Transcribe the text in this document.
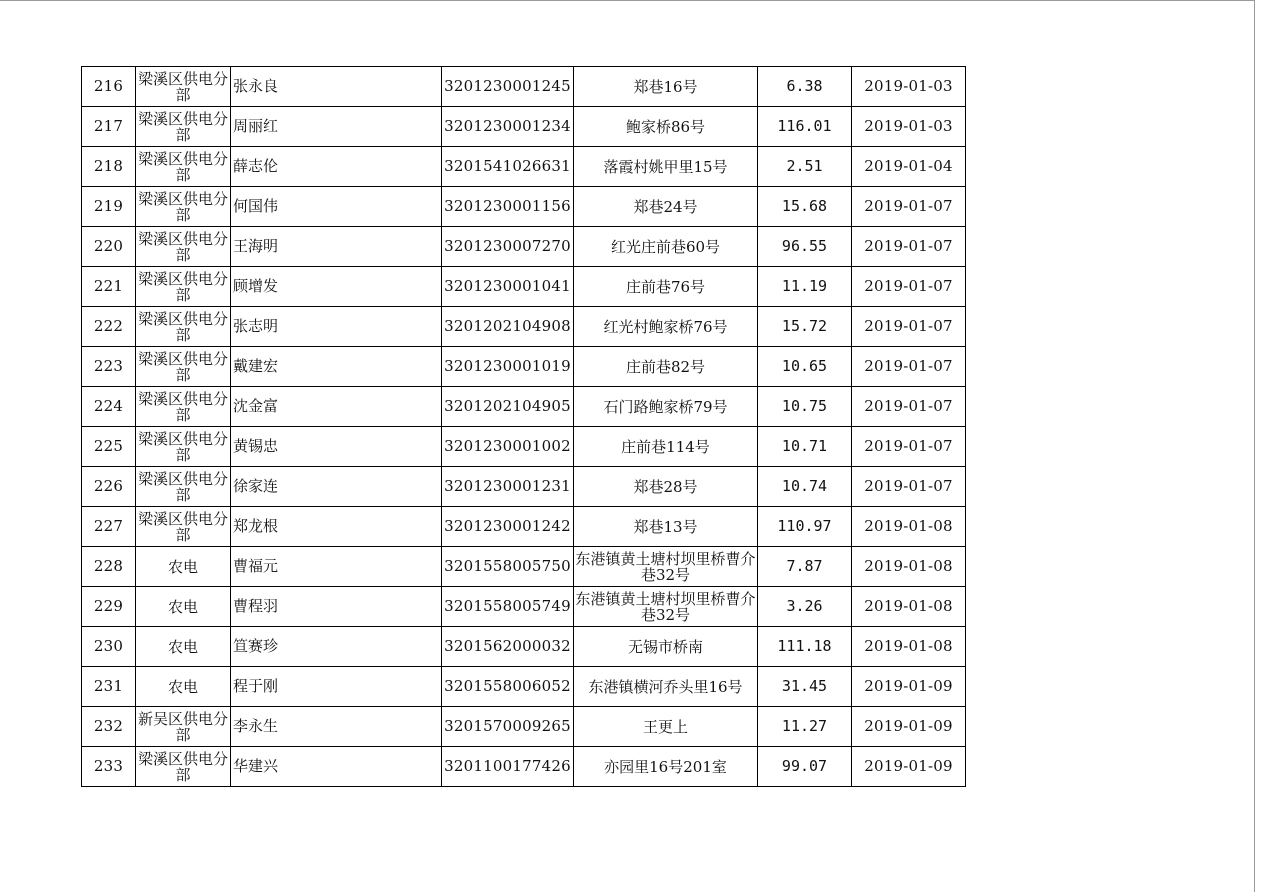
216	梁溪区供电分部	张永良	3201230001245	郑巷16号	6.38	2019-01-03
217	梁溪区供电分部	周丽红	3201230001234	鲍家桥86号	116.01	2019-01-03
218	梁溪区供电分部	薛志伦	3201541026631	落霞村姚甲里15号	2.51	2019-01-04
219	梁溪区供电分部	何国伟	3201230001156	郑巷24号	15.68	2019-01-07
220	梁溪区供电分部	王海明	3201230007270	红光庄前巷60号	96.55	2019-01-07
221	梁溪区供电分部	顾增发	3201230001041	庄前巷76号	11.19	2019-01-07
222	梁溪区供电分部	张志明	3201202104908	红光村鲍家桥76号	15.72	2019-01-07
223	梁溪区供电分部	戴建宏	3201230001019	庄前巷82号	10.65	2019-01-07
224	梁溪区供电分部	沈金富	3201202104905	石门路鲍家桥79号	10.75	2019-01-07
225	梁溪区供电分部	黄锡忠	3201230001002	庄前巷114号	10.71	2019-01-07
226	梁溪区供电分部	徐家连	3201230001231	郑巷28号	10.74	2019-01-07
227	梁溪区供电分部	郑龙根	3201230001242	郑巷13号	110.97	2019-01-08
228	农电	曹福元	3201558005750	东港镇黄土塘村坝里桥曹介巷32号	7.87	2019-01-08
229	农电	曹程羽	3201558005749	东港镇黄土塘村坝里桥曹介巷32号	3.26	2019-01-08
230	农电	笪赛珍	3201562000032	无锡市桥南	111.18	2019-01-08
231	农电	程于刚	3201558006052	东港镇横河乔头里16号	31.45	2019-01-09
232	新吴区供电分部	李永生	3201570009265	王更上	11.27	2019-01-09
233	梁溪区供电分部	华建兴	3201100177426	亦园里16号201室	99.07	2019-01-09
